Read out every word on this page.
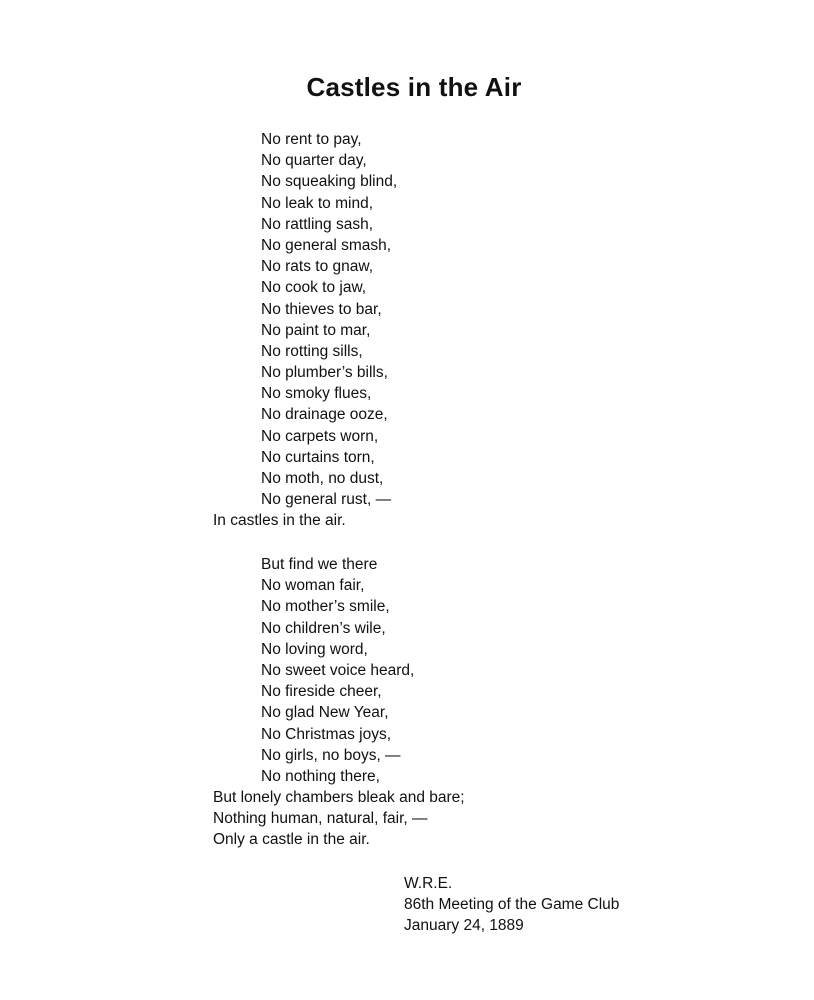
Castles in the Air
No rent to pay,
No quarter day,
No squeaking blind,
No leak to mind,
No rattling sash,
No general smash,
No rats to gnaw,
No cook to jaw,
No thieves to bar,
No paint to mar,
No rotting sills,
No plumber’s bills,
No smoky flues,
No drainage ooze,
No carpets worn,
No curtains torn,
No moth, no dust,
No general rust, —
In castles in the air.
But find we there
No woman fair,
No mother’s smile,
No children’s wile,
No loving word,
No sweet voice heard,
No fireside cheer,
No glad New Year,
No Christmas joys,
No girls, no boys, —
No nothing there,
But lonely chambers bleak and bare;
Nothing human, natural, fair, —
Only a castle in the air.
W.R.E.
86th Meeting of the Game Club
January 24, 1889
